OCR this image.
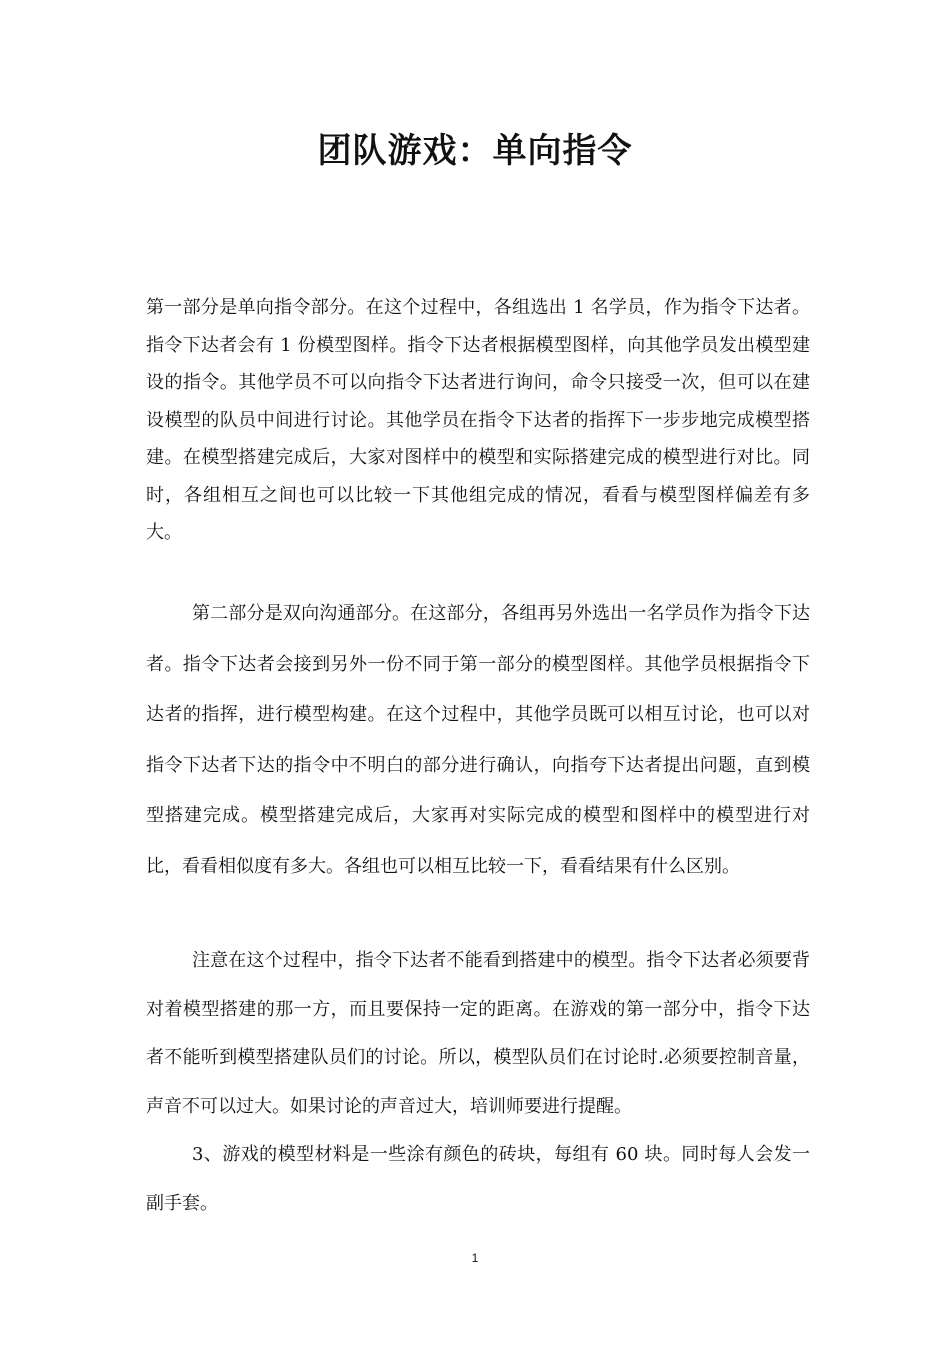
团队游戏：单向指令

第一部分是单向指令部分。在这个过程中，各组选出 1 名学员，作为指令下达者。指令下达者会有 1 份模型图样。指令下达者根据模型图样，向其他学员发出模型建设的指令。其他学员不可以向指令下达者进行询问，命令只接受一次，但可以在建设模型的队员中间进行讨论。其他学员在指令下达者的指挥下一步步地完成模型搭建。在模型搭建完成后，大家对图样中的模型和实际搭建完成的模型进行对比。同时，各组相互之间也可以比较一下其他组完成的情况，看看与模型图样偏差有多大。

第二部分是双向沟通部分。在这部分，各组再另外选出一名学员作为指令下达者。指令下达者会接到另外一份不同于第一部分的模型图样。其他学员根据指令下达者的指挥，进行模型构建。在这个过程中，其他学员既可以相互讨论，也可以对指令下达者下达的指令中不明白的部分进行确认，向指夸下达者提出问题，直到模型搭建完成。模型搭建完成后，大家再对实际完成的模型和图样中的模型进行对比，看看相似度有多大。各组也可以相互比较一下，看看结果有什么区别。

注意在这个过程中，指令下达者不能看到搭建中的模型。指令下达者必须要背对着模型搭建的那一方，而且要保持一定的距离。在游戏的第一部分中，指令下达者不能听到模型搭建队员们的讨论。所以，模型队员们在讨论时.必须要控制音量，声音不可以过大。如果讨论的声音过大，培训师要进行提醒。

3、游戏的模型材料是一些涂有颜色的砖块，每组有 60 块。同时每人会发一副手套。

1
